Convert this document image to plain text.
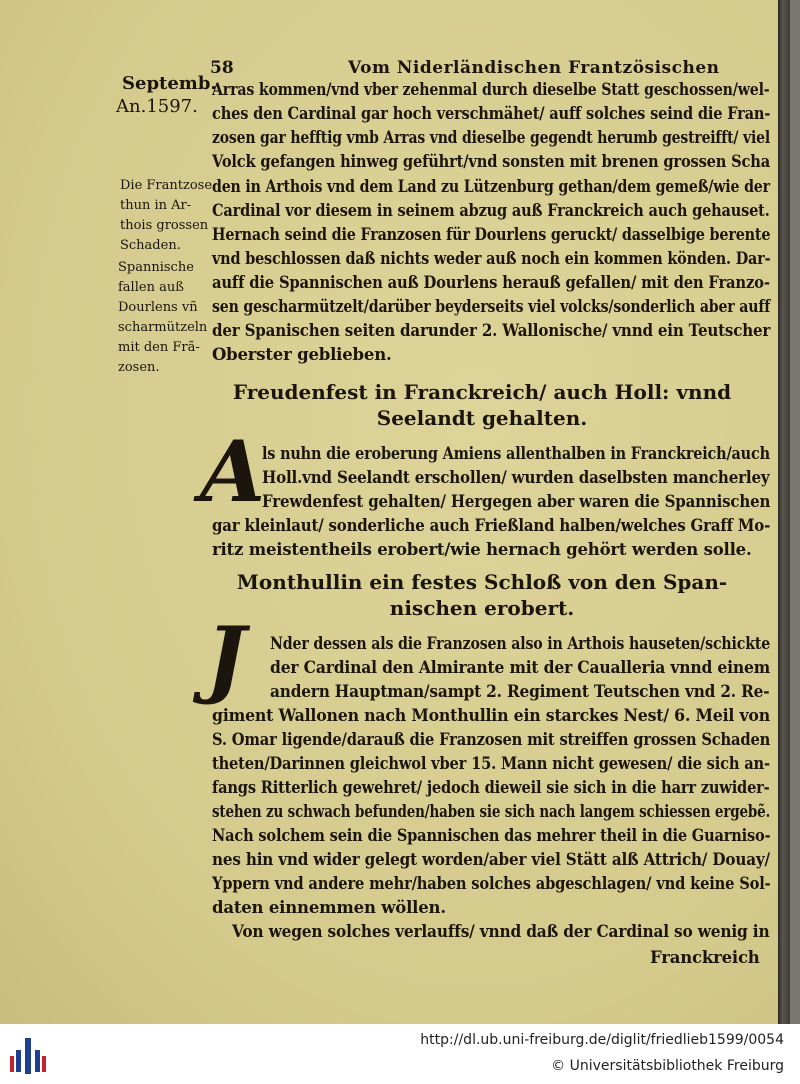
58	Vom Niderländischen Frantzösischen
Septemb.
An.1597.
Die Frantzose
thun in Ar-
thois grossen
Schaden.
Spannische
fallen auß
Dourlens vñ
scharmützeln
mit den Frã-
zosen.
Arras kommen/vnd vber zehenmal durch dieselbe Statt geschossen/wel-
ches den Cardinal gar hoch verschmähet/ auff solches seind die Fran-
zosen gar hefftig vmb Arras vnd dieselbe gegendt herumb gestreifft/ viel
Volck gefangen hinweg geführt/vnd sonsten mit brenen grossen Scha
den in Arthois vnd dem Land zu Lützenburg gethan/dem gemeß/wie der
Cardinal vor diesem in seinem abzug auß Franckreich auch gehauset.
Hernach seind die Franzosen für Dourlens geruckt/ dasselbige berente
vnd beschlossen daß nichts weder auß noch ein kommen könden. Dar-
auff die Spannischen auß Dourlens herauß gefallen/ mit den Franzo-
sen gescharmützelt/darüber beyderseits viel volcks/sonderlich aber auff
der Spanischen seiten darunder 2. Wallonische/ vnnd ein Teutscher
Oberster geblieben.
Freudenfest in Franckreich/ auch Holl: vnnd
Seelandt gehalten.
A
ls nuhn die eroberung Amiens allenthalben in Franckreich/auch
Holl.vnd Seelandt erschollen/ wurden daselbsten mancherley
Frewdenfest gehalten/ Hergegen aber waren die Spannischen
gar kleinlaut/ sonderliche auch Frießland halben/welches Graff Mo-
ritz meistentheils erobert/wie hernach gehört werden solle.
Monthullin ein festes Schloß von den Span-
nischen erobert.
J Nder dessen als die Franzosen also in Arthois hauseten/schickte
der Cardinal den Almirante mit der Caualleria vnnd einem
andern Hauptman/sampt 2. Regiment Teutschen vnd 2. Re-
giment Wallonen nach Monthullin ein starckes Nest/ 6. Meil von
S. Omar ligende/darauß die Franzosen mit streiffen grossen Schaden
theten/Darinnen gleichwol vber 15. Mann nicht gewesen/ die sich an-
fangs Ritterlich gewehret/ jedoch dieweil sie sich in die harr zuwider-
stehen zu schwach befunden/haben sie sich nach langem schiessen ergebẽ.
Nach solchem sein die Spannischen das mehrer theil in die Guarniso-
nes hin vnd wider gelegt worden/aber viel Stätt alß Attrich/ Douay/
Yppern vnd andere mehr/haben solches abgeschlagen/ vnd keine Sol-
daten einnemmen wöllen.
Von wegen solches verlauffs/ vnnd daß der Cardinal so wenig in
Franckreich
http://dl.ub.uni-freiburg.de/diglit/friedlieb1599/0054
© Universitätsbibliothek Freiburg
